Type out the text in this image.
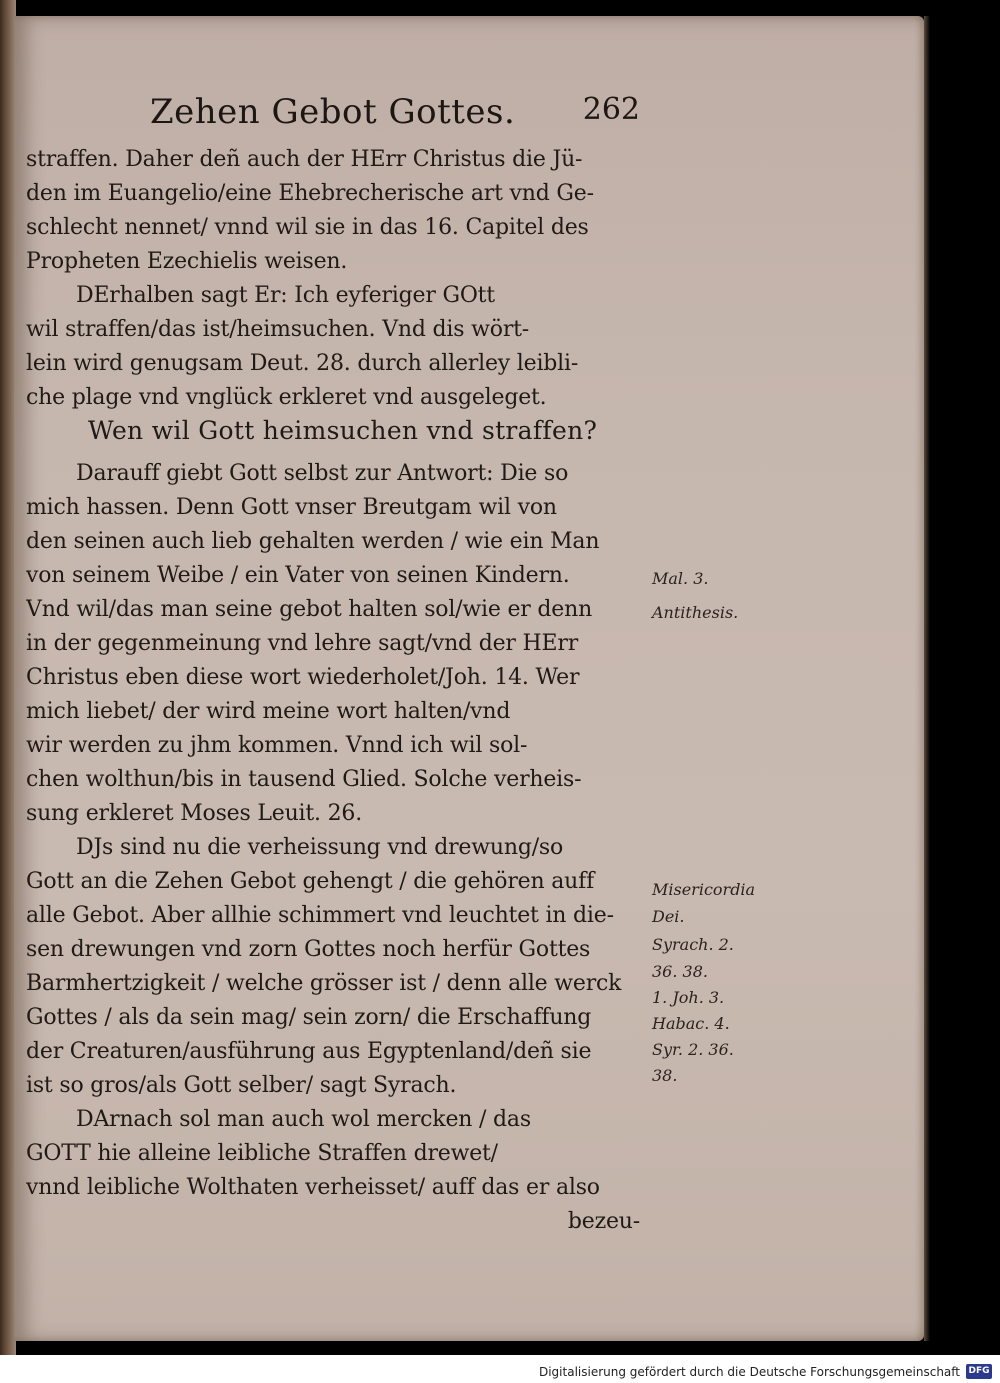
Zehen Gebot Gottes. 262
straffen. Daher deñ auch der HErr Christus die Jü-
den im Euangelio/eine Ehebrecherische art vnd Ge-
schlecht nennet/ vnnd wil sie in das 16. Capitel des
Propheten Ezechielis weisen.
DErhalben sagt Er: Ich eyferiger GOtt
wil straffen/das ist/heimsuchen. Vnd dis wört-
lein wird genugsam Deut. 28. durch allerley leibli-
che plage vnd vnglück erkleret vnd ausgeleget.
Wen wil Gott heimsuchen vnd straffen?
Darauff giebt Gott selbst zur Antwort: Die so
mich hassen. Denn Gott vnser Breutgam wil von
den seinen auch lieb gehalten werden / wie ein Man
von seinem Weibe / ein Vater von seinen Kindern.
Vnd wil/das man seine gebot halten sol/wie er denn
in der gegenmeinung vnd lehre sagt/vnd der HErr
Christus eben diese wort wiederholet/Joh. 14. Wer
mich liebet/ der wird meine wort halten/vnd
wir werden zu jhm kommen. Vnnd ich wil sol-
chen wolthun/bis in tausend Glied. Solche verheis-
sung erkleret Moses Leuit. 26.
DJs sind nu die verheissung vnd drewung/so
Gott an die Zehen Gebot gehengt / die gehören auff
alle Gebot. Aber allhie schimmert vnd leuchtet in die-
sen drewungen vnd zorn Gottes noch herfür Gottes
Barmhertzigkeit / welche grösser ist / denn alle werck
Gottes / als da sein mag/ sein zorn/ die Erschaffung
der Creaturen/ausführung aus Egyptenland/deñ sie
ist so gros/als Gott selber/ sagt Syrach.
DArnach sol man auch wol mercken / das
GOTT hie alleine leibliche Straffen drewet/
vnnd leibliche Wolthaten verheisset/ auff das er also
bezeu-
Mal. 3.
Antithesis.
Misericordia
Dei.
Syrach. 2.
36. 38.
1. Joh. 3.
Habac. 4.
Syr. 2. 36.
38.
Digitalisierung gefördert durch die Deutsche Forschungsgemeinschaft DFG
